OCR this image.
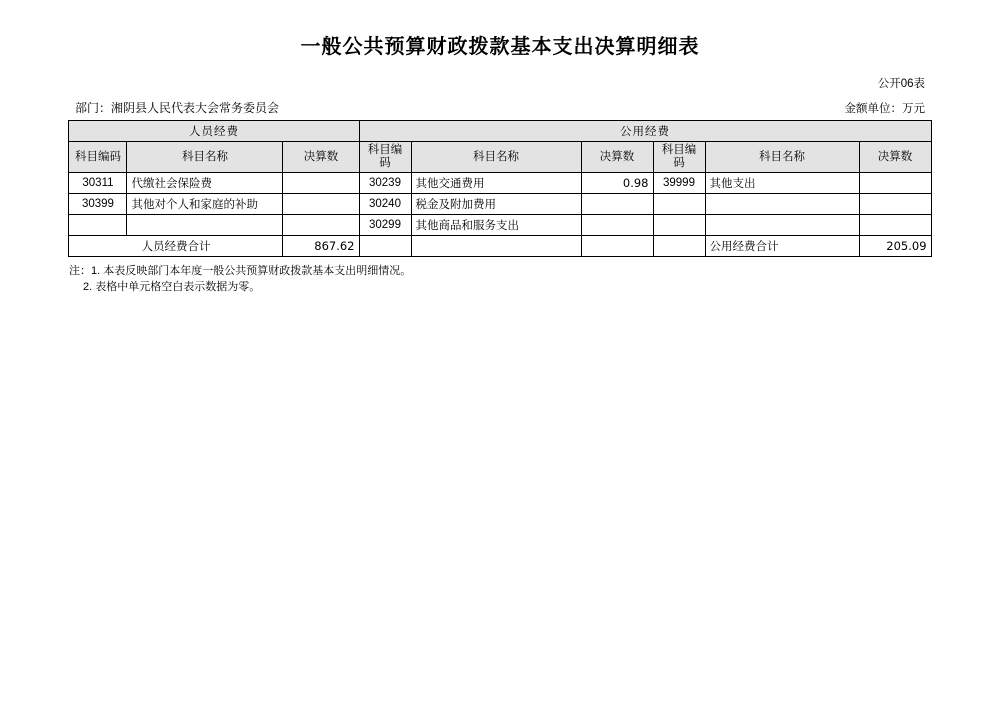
一般公共预算财政拨款基本支出决算明细表
公开06表
部门：湘阴县人民代表大会常务委员会	金额单位：万元
人员经费			公用经费					
科目编码	科目名称	决算数	科目编码	科目名称	决算数	科目编码	科目名称	决算数
30311	代缴社会保险费		30239	其他交通费用	0.98	39999	其他支出	
30399	其他对个人和家庭的补助		30240	税金及附加费用				
			30299	其他商品和服务支出				
人员经费合计		867.62					公用经费合计	205.09
注：1. 本表反映部门本年度一般公共预算财政拨款基本支出明细情况。
2. 表格中单元格空白表示数据为零。
